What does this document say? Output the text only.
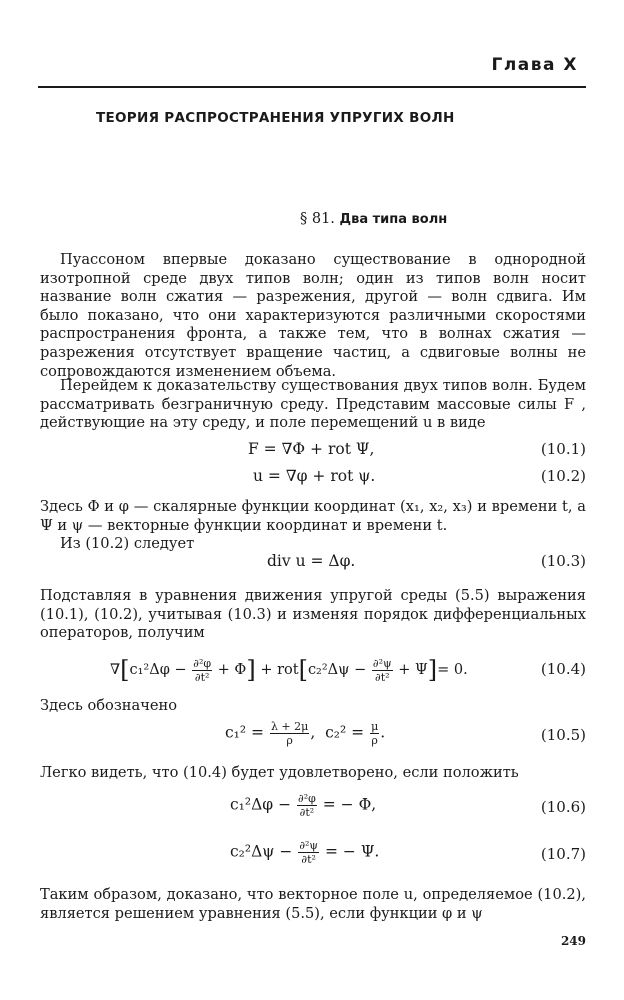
Глава X
ТЕОРИЯ РАСПРОСТРАНЕНИЯ УПРУГИХ ВОЛН
§ 81. Два типа волн

Пуассоном впервые доказано существование в однородной изотропной среде двух типов волн; один из типов волн носит название волн сжатия — разрежения, другой — волн сдвига. Им было показано, что они характеризуются различными скоростями распространения фронта, а также тем, что в волнах сжатия — разрежения отсутствует вращение частиц, а сдвиговые волны не сопровождаются изменением объема.

Перейдем к доказательству существования двух типов волн. Будем рассматривать безграничную среду. Представим массовые силы F , действующие на эту среду, и поле перемещений u в виде

F = ∇Φ + rot Ψ,	(10.1)
u = ∇φ + rot ψ.	(10.2)

Здесь Φ и φ — скалярные функции координат (x₁, x₂, x₃) и времени t, а Ψ и ψ — векторные функции координат и времени t.

Из (10.2) следует

div u = Δφ.	(10.3)

Подставляя в уравнения движения упругой среды (5.5) выражения (10.1), (10.2), учитывая (10.3) и изменяя порядок дифференциальных операторов, получим

$\nabla[c_1^2\Delta\varphi - \frac{\text{∂²φ}}{\text{∂t²}} + \Phi] + rot[c_2^2\Delta\psi - \frac{\text{∂²ψ}}{\text{∂t²}} + \Psi]= 0$.	(10.4)

Здесь обозначено

$c_1^2 = \frac{\lambda + 2\mu}{\rho}$ , $c_2^2 = \frac{\mu}{\rho}$ .	(10.5)

Легко видеть, что (10.4) будет удовлетворено, если положить

$c_1^2\Delta\varphi - \frac{\text{∂²φ}}{\text{∂t²}}$ = − Φ,	(10.6)
$c_2^2\Delta\psi - \frac{\text{∂²ψ}}{\text{∂t²}}$ = − Ψ.	(10.7)

Таким образом, доказано, что векторное поле u, определяемое (10.2), является решением уравнения (5.5), если функции φ и ψ

249
